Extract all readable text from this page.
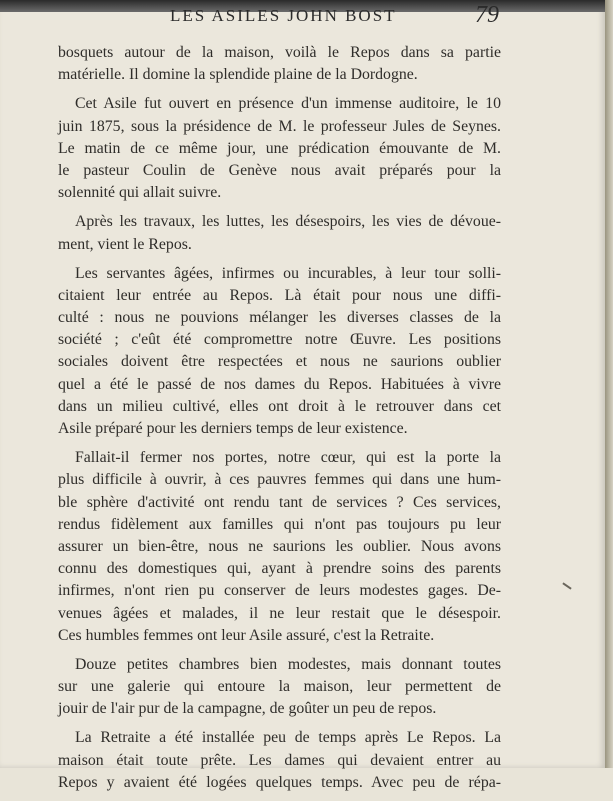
LES ASILES JOHN BOST	79
bosquets autour de la maison, voilà le Repos dans sa partie
matérielle. Il domine la splendide plaine de la Dordogne.
Cet Asile fut ouvert en présence d'un immense auditoire, le 10
juin 1875, sous la présidence de M. le professeur Jules de Seynes.
Le matin de ce même jour, une prédication émouvante de M.
le pasteur Coulin de Genève nous avait préparés pour la
solennité qui allait suivre.
Après les travaux, les luttes, les désespoirs, les vies de dévoue-
ment, vient le Repos.
Les servantes âgées, infirmes ou incurables, à leur tour solli-
citaient leur entrée au Repos. Là était pour nous une diffi-
culté : nous ne pouvions mélanger les diverses classes de la
société ; c'eût été compromettre notre Œuvre. Les positions
sociales doivent être respectées et nous ne saurions oublier
quel a été le passé de nos dames du Repos. Habituées à vivre
dans un milieu cultivé, elles ont droit à le retrouver dans cet
Asile préparé pour les derniers temps de leur existence.
Fallait-il fermer nos portes, notre cœur, qui est la porte la
plus difficile à ouvrir, à ces pauvres femmes qui dans une hum-
ble sphère d'activité ont rendu tant de services ? Ces services,
rendus fidèlement aux familles qui n'ont pas toujours pu leur
assurer un bien-être, nous ne saurions les oublier. Nous avons
connu des domestiques qui, ayant à prendre soins des parents
infirmes, n'ont rien pu conserver de leurs modestes gages. De-
venues âgées et malades, il ne leur restait que le désespoir.
Ces humbles femmes ont leur Asile assuré, c'est la Retraite.
Douze petites chambres bien modestes, mais donnant toutes
sur une galerie qui entoure la maison, leur permettent de
jouir de l'air pur de la campagne, de goûter un peu de repos.
La Retraite a été installée peu de temps après Le Repos. La
maison était toute prête. Les dames qui devaient entrer au
Repos y avaient été logées quelques temps. Avec peu de répa-
